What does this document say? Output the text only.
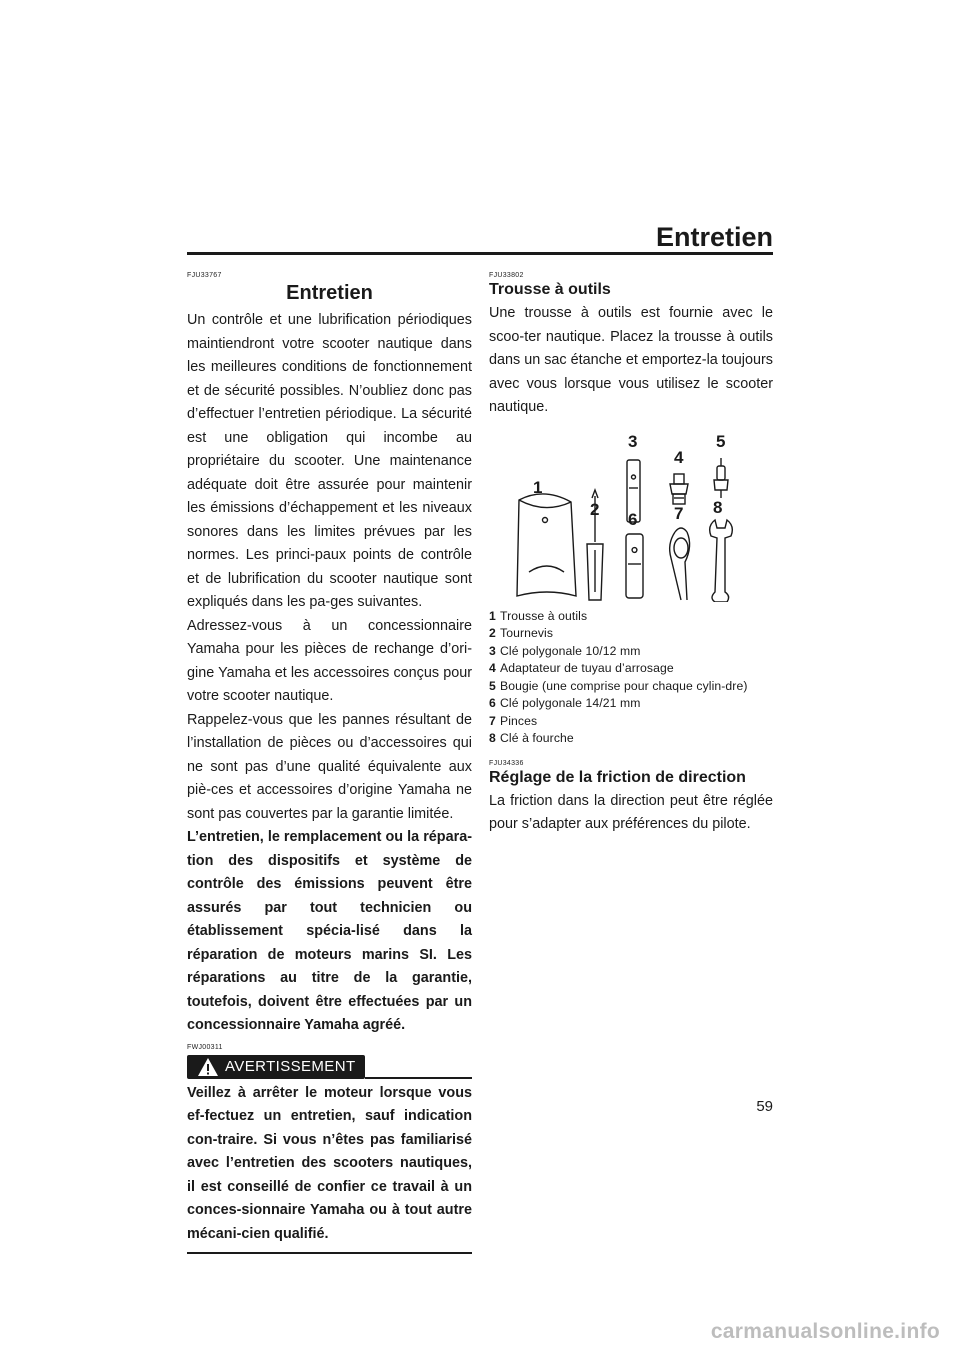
Entretien
FJU33767
Entretien

Un contrôle et une lubrification périodiques maintiendront votre scooter nautique dans les meilleures conditions de fonctionnement et de sécurité possibles. N’oubliez donc pas d’effectuer l’entretien périodique. La sécurité est une obligation qui incombe au propriétaire du scooter. Une maintenance adéquate doit être assurée pour maintenir les émissions d’échappement et les niveaux sonores dans les limites prévues par les normes. Les princi-paux points de contrôle et de lubrification du scooter nautique sont expliqués dans les pa-ges suivantes.

Adressez-vous à un concessionnaire Yamaha pour les pièces de rechange d’ori-gine Yamaha et les accessoires conçus pour votre scooter nautique.

Rappelez-vous que les pannes résultant de l’installation de pièces ou d’accessoires qui ne sont pas d’une qualité équivalente aux piè-ces et accessoires d’origine Yamaha ne sont pas couvertes par la garantie limitée.

L’entretien, le remplacement ou la répara-tion des dispositifs et système de contrôle des émissions peuvent être assurés par tout technicien ou établissement spécia-lisé dans la réparation de moteurs marins SI. Les réparations au titre de la garantie, toutefois, doivent être effectuées par un concessionnaire Yamaha agréé.

FWJ00311
AVERTISSEMENT

Veillez à arrêter le moteur lorsque vous ef-fectuez un entretien, sauf indication con-traire. Si vous n’êtes pas familiarisé avec l’entretien des scooters nautiques, il est conseillé de confier ce travail à un conces-sionnaire Yamaha ou à tout autre mécani-cien qualifié.

FJU33802
Trousse à outils

Une trousse à outils est fournie avec le scoo-ter nautique. Placez la trousse à outils dans un sac étanche et emportez-la toujours avec vous lorsque vous utilisez le scooter nautique.

1
2
3
4
5
6 7 8
1 Trousse à outils
2 Tournevis
3 Clé polygonale 10/12 mm
4 Adaptateur de tuyau d’arrosage
5 Bougie (une comprise pour chaque cylin-dre)
6 Clé polygonale 14/21 mm
7 Pinces
8 Clé à fourche
FJU34336
Réglage de la friction de direction

La friction dans la direction peut être réglée pour s’adapter aux préférences du pilote.

59
carmanualsonline.info
